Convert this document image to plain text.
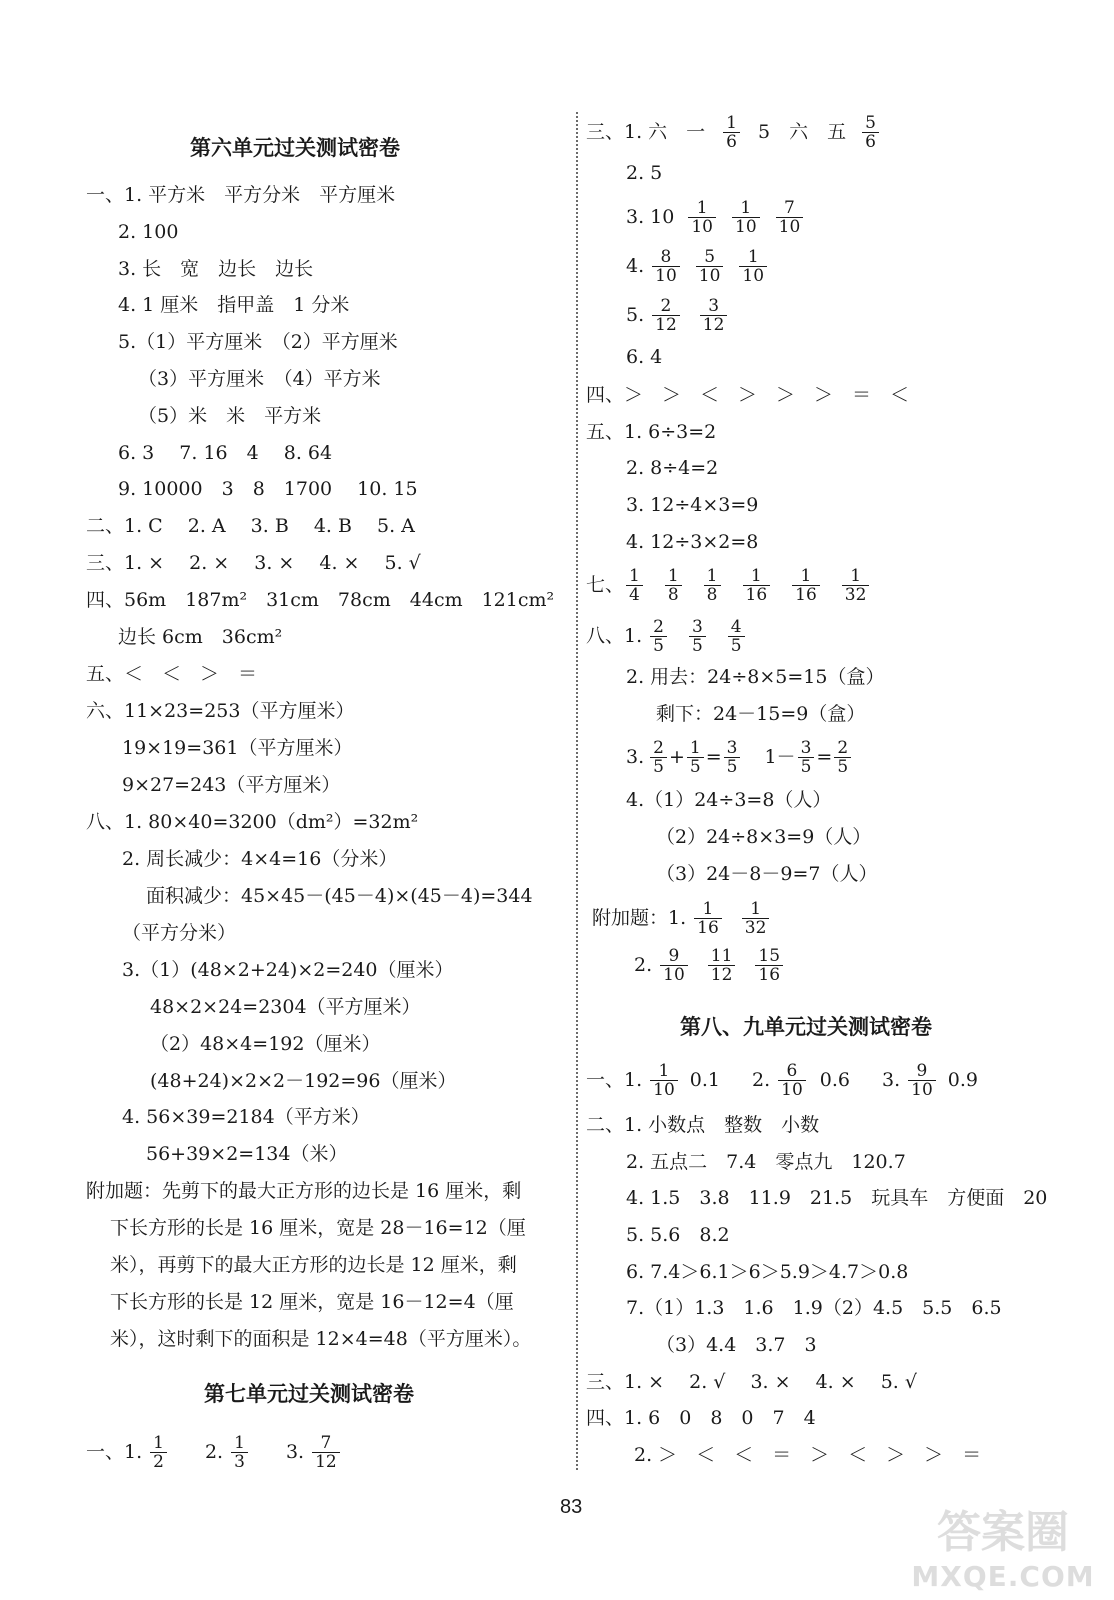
第六单元过关测试密卷
一、1. 平方米　平方分米　平方厘米
2. 100
3. 长　宽　边长　边长
4. 1 厘米　指甲盖　1 分米
5.（1）平方厘米　（2）平方厘米
（3）平方厘米　（4）平方米
（5）米　米　平方米
6. 3　 7. 16　4　 8. 64
9. 10000　3　8　1700　 10. 15
二、1. C　 2. A　 3. B　 4. B　 5. A
三、1. ×　 2. ×　 3. ×　 4. ×　 5. √
四、56m　187m²　31cm　78cm　44cm　121cm²
边长 6cm　36cm²
五、＜　＜　＞　＝
六、11×23=253（平方厘米）
19×19=361（平方厘米）
9×27=243（平方厘米）
八、1. 80×40=3200（dm²）=32m²
2. 周长减少：4×4=16（分米）
面积减少：45×45－(45－4)×(45－4)=344
（平方分米）
3.（1）(48×2+24)×2=240（厘米）
48×2×24=2304（平方厘米）
（2）48×4=192（厘米）
(48+24)×2×2－192=96（厘米）
4. 56×39=2184（平方米）
56+39×2=134（米）
附加题：先剪下的最大正方形的边长是 16 厘米，剩
下长方形的长是 16 厘米，宽是 28－16=12（厘
米），再剪下的最大正方形的边长是 12 厘米，剩
下长方形的长是 12 厘米，宽是 16－12=4（厘
米），这时剩下的面积是 12×4=48（平方厘米）。
第七单元过关测试密卷
一、1. $\frac{1}{2} 2$. $\frac{1}{3} 3$. $\frac{7}{12}$
三、1. 六　一 $\frac{1}{6} 5$　六　五 $\frac{5}{6}$
2. 5
3. $10 \frac{1}{10} \frac{1}{10} \frac{7}{10}$
4. $\frac{8}{10} \frac{5}{10} \frac{1}{10}$
5. $\frac{2}{12} \frac{3}{12}$
6. 4
四、＞　＞　＜　＞　＞　＞　＝　＜
五、1. 6÷3=2
2. 8÷4=2
3. 12÷4×3=9
4. 12÷3×2=8
七、 $\frac{1}{4} \frac{1}{8} \frac{1}{8} \frac{1}{16} \frac{1}{16} \frac{1}{32}$
八、1. $\frac{2}{5} \frac{3}{5} \frac{4}{5}$
2. 用去：24÷8×5=15（盒）
剩下：24－15=9（盒）
3. $\frac{2}{5} + \frac{1}{5} = \frac{3}{5} 1- \frac{3}{5} = \frac{2}{5}$
4.（1）24÷3=8（人）
（2）24÷8×3=9（人）
（3）24－8－9=7（人）
附加题：1. $\frac{1}{16} \frac{1}{32}$
2. $\frac{9}{10} \frac{11}{12} \frac{15}{16}$
第八、九单元过关测试密卷
一、1. $\frac{1}{10} 0.1$ 2. $\frac{6}{10} 0.6$ 3. $\frac{9}{10} 0.9$
二、1. 小数点　整数　小数
2. 五点二　7.4　零点九　120.7
4. 1.5　3.8　11.9　21.5　玩具车　方便面　20
5. 5.6　8.2
6. 7.4＞6.1＞6＞5.9＞4.7＞0.8
7.（1）1.3　1.6　1.9（2）4.5　5.5　6.5
（3）4.4　3.7　3
三、1. ×　 2. √　 3. ×　 4. ×　 5. √
四、1. 6　0　8　0　7　4
2. ＞　＜　＜　＝　＞　＜　＞　＞　＝
83	答案圈
MXQE.COM
